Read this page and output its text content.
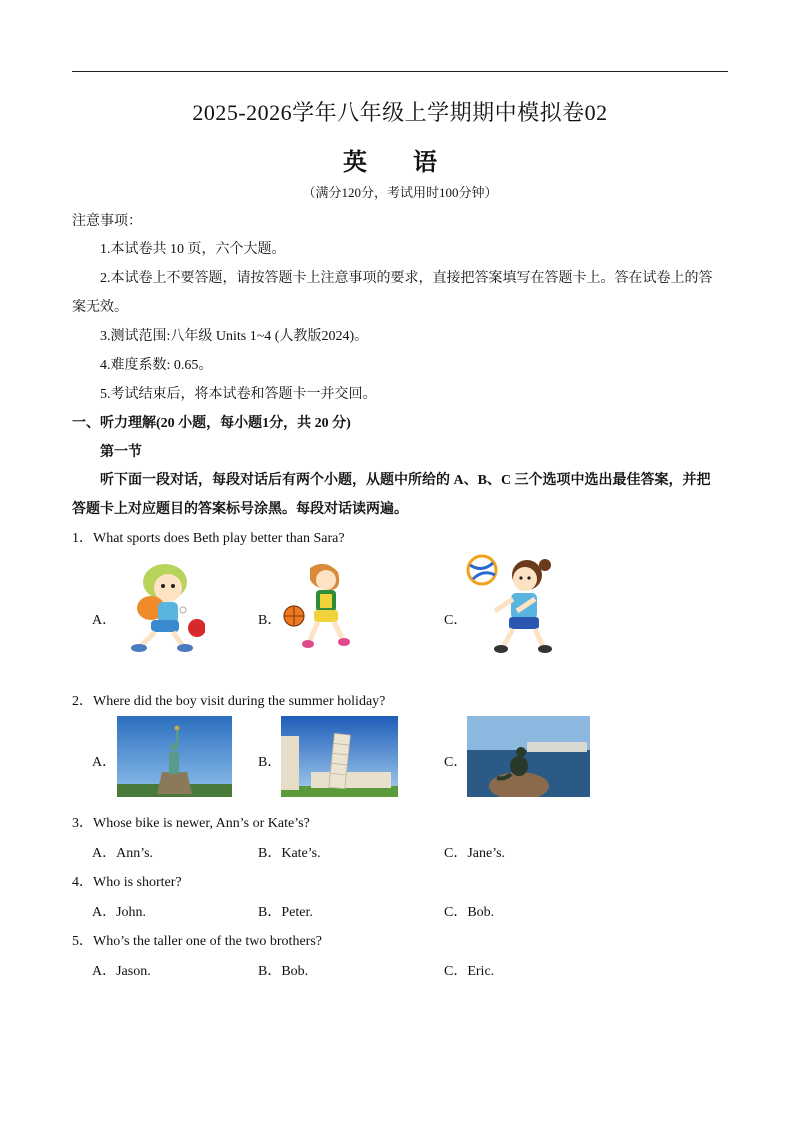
2025-2026学年八年级上学期期中模拟卷02
英 语
（满分120分，考试用时100分钟）
注意事项：
1.本试卷共 10 页，六个大题。
2.本试卷上不要答题，请按答题卡上注意事项的要求，直接把答案填写在答题卡上。答在试卷上的答
案无效。
3.测试范围:八年级 Units 1~4 (人教版2024)。
4.难度系数: 0.65。
5.考试结束后，将本试卷和答题卡一并交回。
一、听力理解(20 小题，每小题1分，共 20 分)
第一节
听下面一段对话，每段对话后有两个小题，从题中所给的 A、B、C 三个选项中选出最佳答案，并把
答题卡上对应题目的答案标号涂黑。每段对话读两遍。
1．What sports does Beth play better than Sara?
A．	B．	C．
2．Where did the boy visit during the summer holiday?
A．	B．	C．
3．Whose bike is newer, Ann’s or Kate’s?
A．Ann’s.	B．Kate’s.	C．Jane’s.
4．Who is shorter?
A．John.	B．Peter.	C．Bob.
5．Who’s the taller one of the two brothers?
A．Jason.	B．Bob.	C．Eric.
